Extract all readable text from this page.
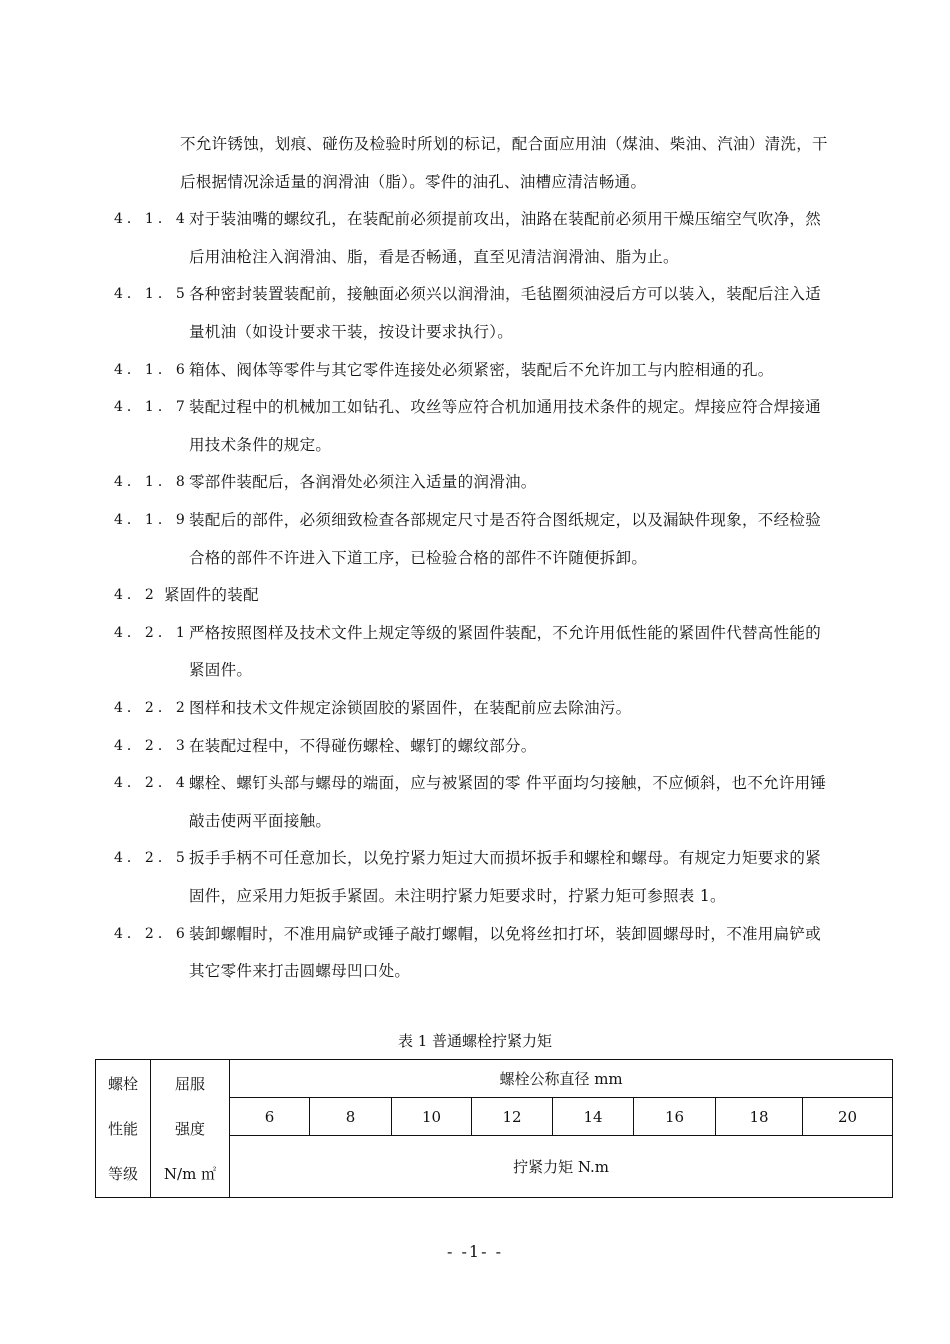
不允许锈蚀，划痕、碰伤及检验时所划的标记，配合面应用油（煤油、柴油、汽油）清洗，干
后根据情况涂适量的润滑油（脂）。零件的油孔、油槽应清洁畅通。
4．1．4 对于装油嘴的螺纹孔，在装配前必须提前攻出，油路在装配前必须用干燥压缩空气吹净，然
后用油枪注入润滑油、脂，看是否畅通，直至见清洁润滑油、脂为止。
4．1．5 各种密封装置装配前，接触面必须兴以润滑油，毛毡圈须油浸后方可以装入，装配后注入适
量机油（如设计要求干装，按设计要求执行）。
4．1．6 箱体、阀体等零件与其它零件连接处必须紧密，装配后不允许加工与内腔相通的孔。
4．1．7 装配过程中的机械加工如钻孔、攻丝等应符合机加通用技术条件的规定。焊接应符合焊接通
用技术条件的规定。
4．1．8 零部件装配后，各润滑处必须注入适量的润滑油。
4．1．9 装配后的部件，必须细致检查各部规定尺寸是否符合图纸规定，以及漏缺件现象，不经检验
合格的部件不许进入下道工序，已检验合格的部件不许随便拆卸。
4．2 紧固件的装配
4．2．1 严格按照图样及技术文件上规定等级的紧固件装配，不允许用低性能的紧固件代替高性能的
紧固件。
4．2．2 图样和技术文件规定涂锁固胶的紧固件，在装配前应去除油污。
4．2．3 在装配过程中，不得碰伤螺栓、螺钉的螺纹部分。
4．2．4 螺栓、螺钉头部与螺母的端面，应与被紧固的零 件平面均匀接触，不应倾斜，也不允许用锤
敲击使两平面接触。
4．2．5 扳手手柄不可任意加长，以免拧紧力矩过大而损坏扳手和螺栓和螺母。有规定力矩要求的紧
固件，应采用力矩扳手紧固。未注明拧紧力矩要求时，拧紧力矩可参照表 1。
4．2．6 装卸螺帽时，不准用扁铲或锤子敲打螺帽，以免将丝扣打坏，装卸圆螺母时，不准用扁铲或
其它零件来打击圆螺母凹口处。
表 1 普通螺栓拧紧力矩
螺栓
性能
等级	屈服
强度
N/m ㎡	螺栓公称直径 mm							
		6	8	10	12	14	16	18	20
		拧紧力矩 N.m							
- -1- -
